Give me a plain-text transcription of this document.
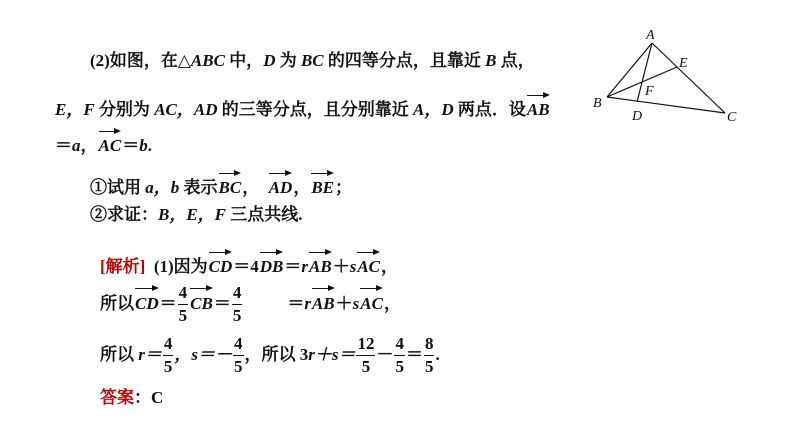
(2)如图，在△ABC 中，D 为 BC 的四等分点，且靠近 B 点，
E，F 分别为 AC，AD 的三等分点，且分别靠近 A，D 两点．设AB
＝a，AC＝b.
①试用 a，b 表示BC， AD，BE；
②求证：B，E，F 三点共线.
[解析] (1)因为CD＝4DB＝rAB＋sAC，
所以$CD= \frac{4}{5} CB= \frac{4}{5}$	＝rAB＋sAC，
所以 $r= \frac{4}{5}$ ，$s=- \frac{4}{5}$ ，所以 $3r+s= \frac{12}{5} - \frac{4}{5} = \frac{8}{5}$ .
答案：C
A
B
C
D
E
F
